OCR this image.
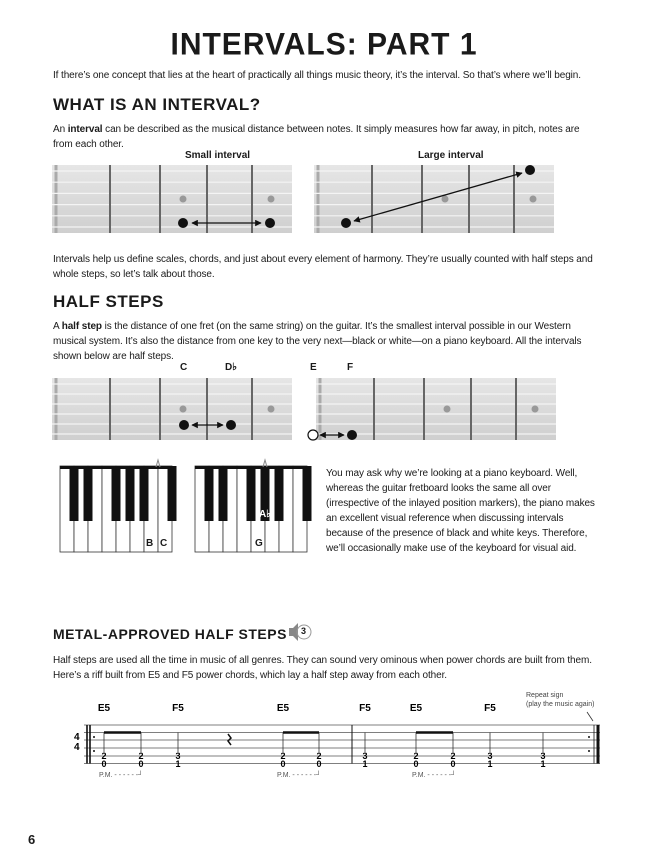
INTERVALS: PART 1
If there’s one concept that lies at the heart of practically all things music theory, it’s the interval. So that’s where we’ll begin.
WHAT IS AN INTERVAL?
An interval can be described as the musical distance between notes. It simply measures how far away, in pitch, notes are from each other.
Small interval	Large interval
4
4
2
0
2
0
3
1
2
0
2
0
3
1
2
0
2
0
3
1
3
1
E5	F5	E5	F5	E5	F5
P.M. - - - - - -┘	P.M. - - - - - -┘	P.M. - - - - - -┘
Intervals help us define scales, chords, and just about every element of harmony. They’re usually counted with half steps and whole steps, so let’s talk about those.
HALF STEPS
A half step is the distance of one fret (on the same string) on the guitar. It’s the smallest interval possible in our Western musical system. It’s also the distance from one key to the very next—black or white—on a piano keyboard. All the intervals shown below are half steps.
C	D♭	E	F
B C	G
A♭
You may ask why we’re looking at a piano keyboard. Well, whereas the guitar fretboard looks the same all over (irrespective of the inlayed position markers), the piano makes an excellent visual reference when discussing intervals because of the presence of black and white keys. Therefore, we’ll occasionally make use of the keyboard for visual aid.
METAL-APPROVED HALF STEPS 3
Half steps are used all the time in music of all genres. They can sound very ominous when power chords are built from them. Here’s a riff built from E5 and F5 power chords, which lay a half step away from each other.
Repeat sign
(play the music again)
6
